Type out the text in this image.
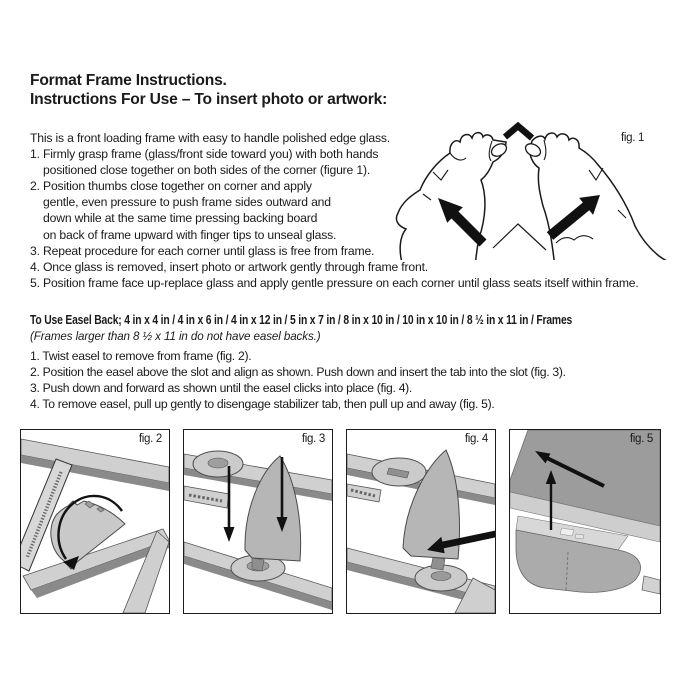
Format Frame Instructions.
Instructions For Use – To insert photo or artwork:
This is a front loading frame with easy to handle polished edge glass.
1. Firmly grasp frame (glass/front side toward you) with both hands
positioned close together on both sides of the corner (figure 1).
2. Position thumbs close together on corner and apply
gentle, even pressure to push frame sides outward and
down while at the same time pressing backing board
on back of frame upward with finger tips to unseal glass.
3. Repeat procedure for each corner until glass is free from frame.
4. Once glass is removed, insert photo or artwork gently through frame front.
5. Position frame face up-replace glass and apply gentle pressure on each corner until glass seats itself within frame.
To Use Easel Back; 4 in x 4 in / 4 in x 6 in / 4 in x 12 in / 5 in x 7 in / 8 in x 10 in / 10 in x 10 in / 8 ½ in x 11 in / Frames
(Frames larger than 8 ½ x 11 in do not have easel backs.)
1. Twist easel to remove from frame (fig. 2).
2. Position the easel above the slot and align as shown. Push down and insert the tab into the slot (fig. 3).
3. Push down and forward as shown until the easel clicks into place (fig. 4).
4. To remove easel, pull up gently to disengage stabilizer tab, then pull up and away (fig. 5).
fig. 1
fig. 2	fig. 3	fig. 4	fig. 5
